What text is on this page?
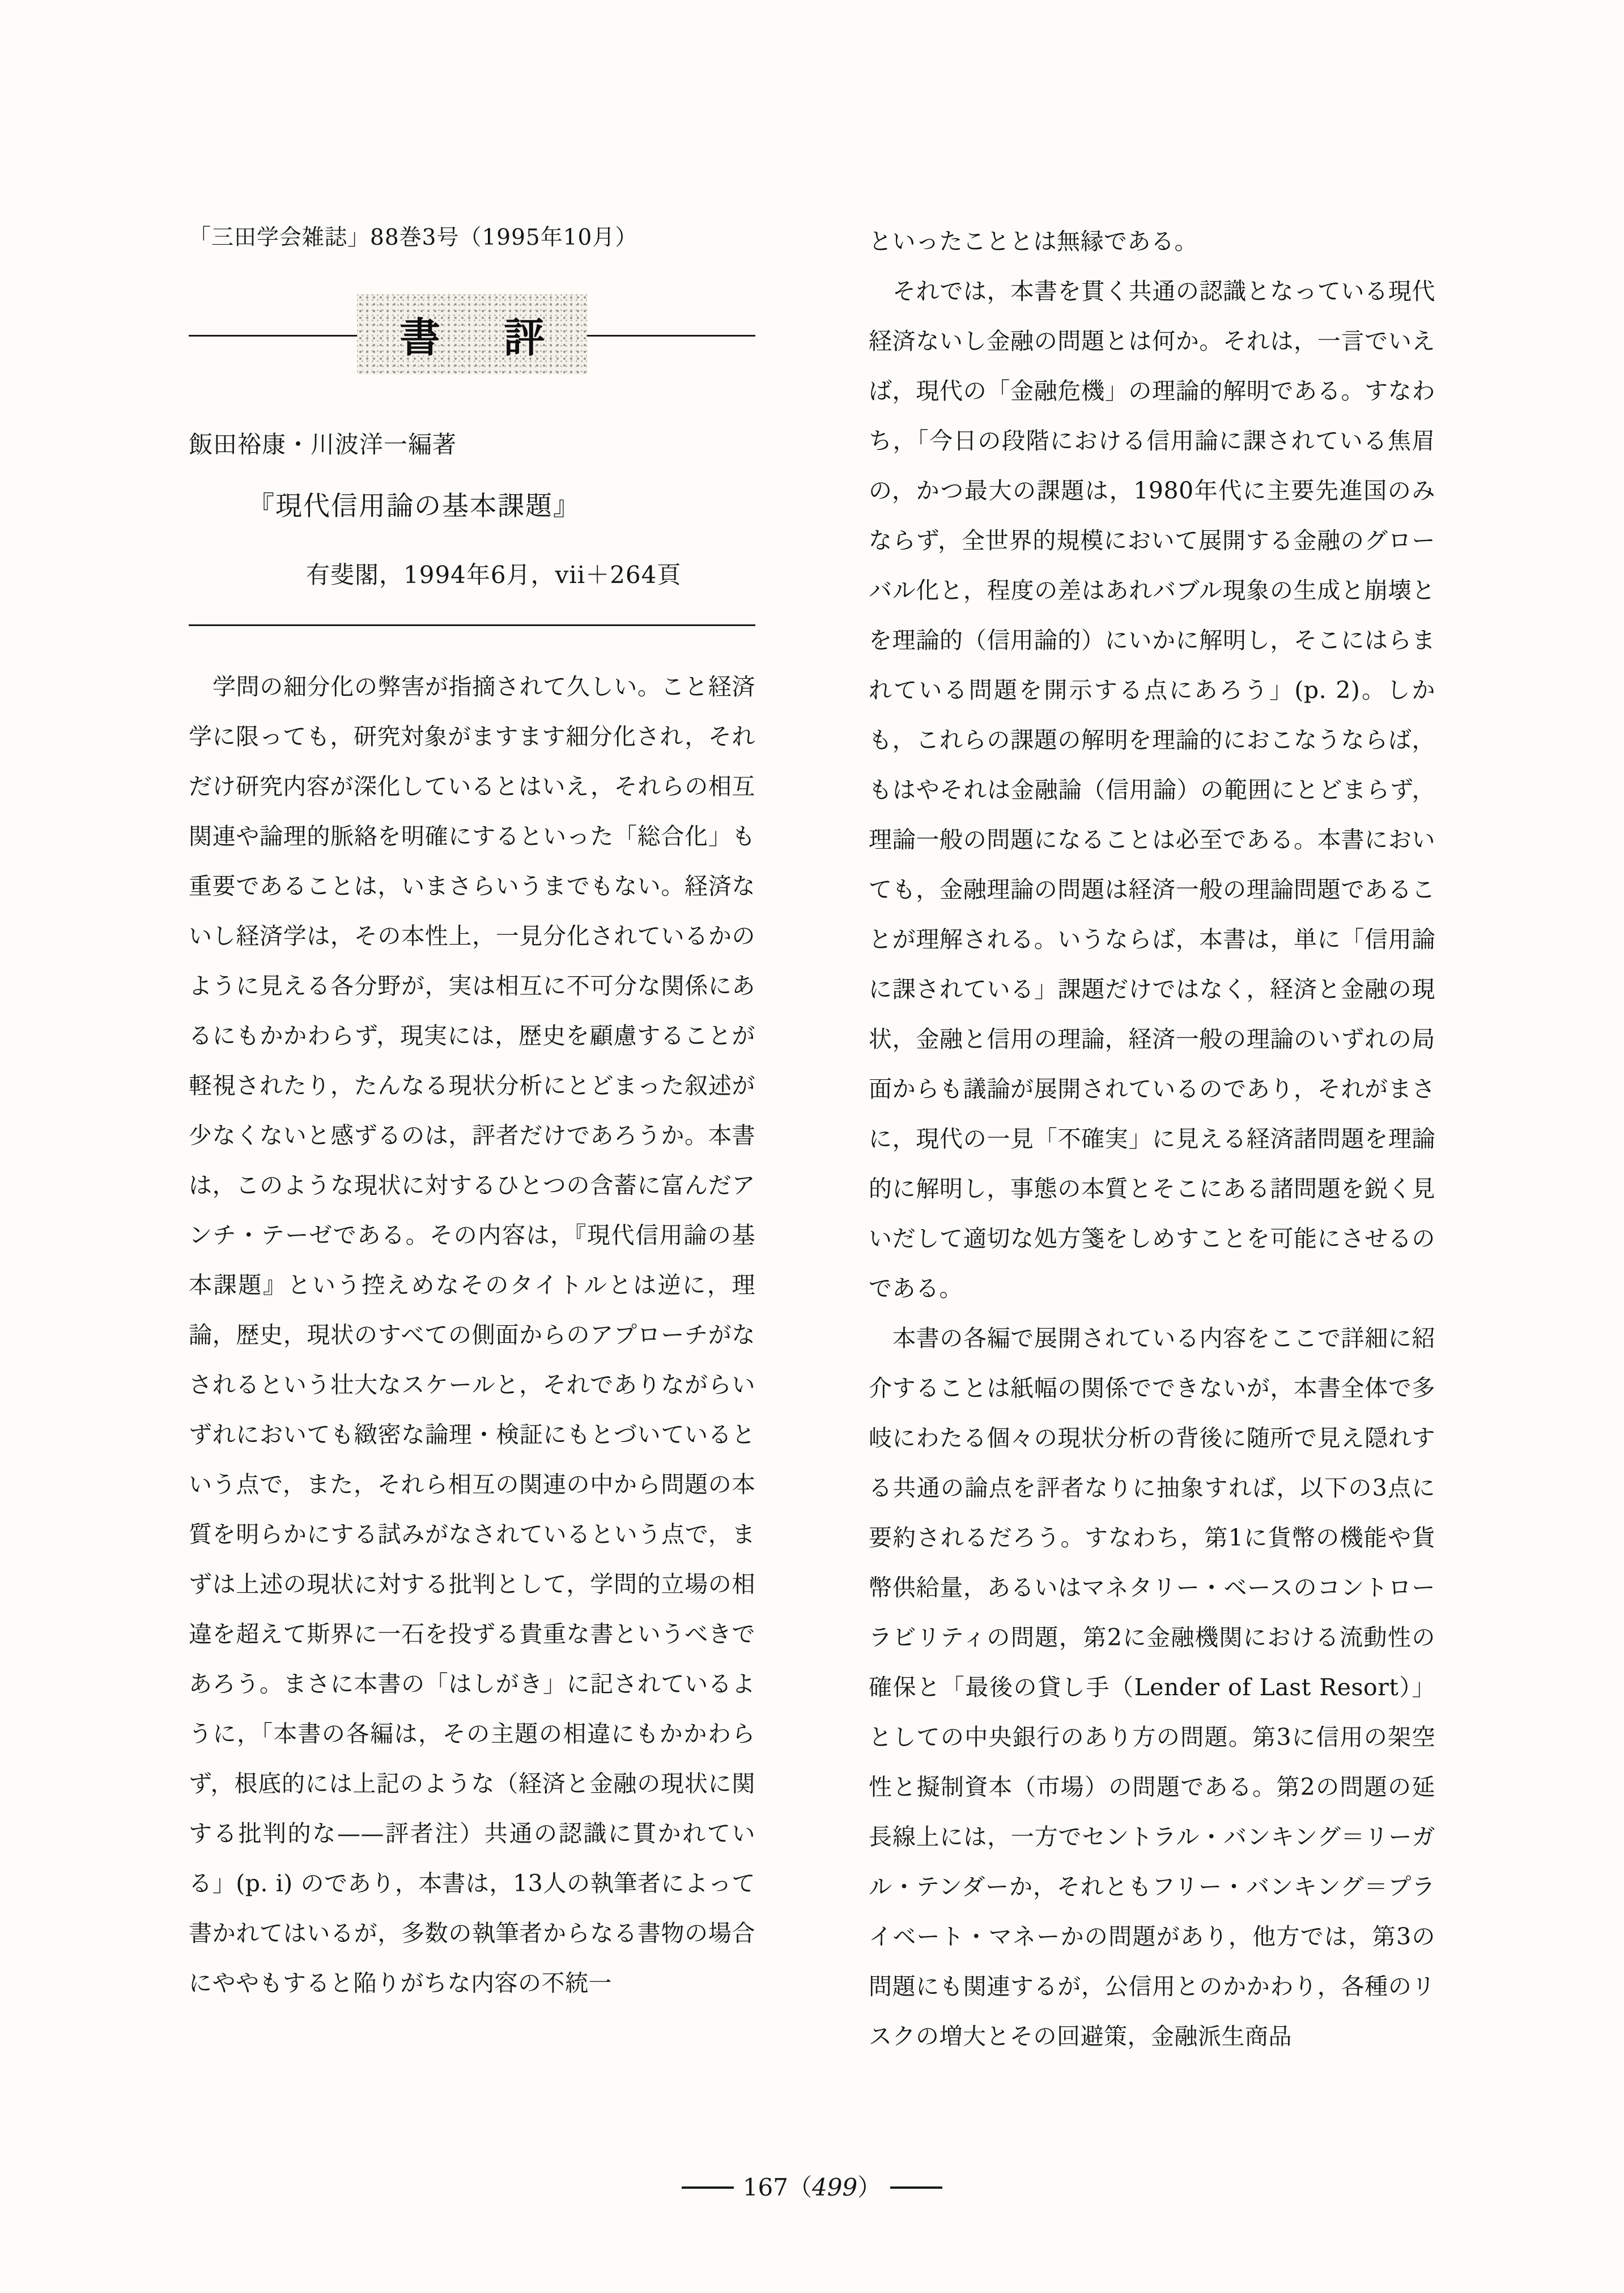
「三田学会雑誌」88巻3号（1995年10月）
書 評
飯田裕康・川波洋一編著
『現代信用論の基本課題』
有斐閣，1994年6月，vii＋264頁

学問の細分化の弊害が指摘されて久しい。こと経済学に限っても，研究対象がますます細分化され，それだけ研究内容が深化しているとはいえ，それらの相互関連や論理的脈絡を明確にするといった「総合化」も重要であることは，いまさらいうまでもない。経済ないし経済学は，その本性上，一見分化されているかのように見える各分野が，実は相互に不可分な関係にあるにもかかわらず，現実には，歴史を顧慮することが軽視されたり，たんなる現状分析にとどまった叙述が少なくないと感ずるのは，評者だけであろうか。本書は，このような現状に対するひとつの含蓄に富んだアンチ・テーゼである。その内容は，『現代信用論の基本課題』という控えめなそのタイトルとは逆に，理論，歴史，現状のすべての側面からのアプローチがなされるという壮大なスケールと，それでありながらいずれにおいても緻密な論理・検証にもとづいているという点で，また，それら相互の関連の中から問題の本質を明らかにする試みがなされているという点で，まずは上述の現状に対する批判として，学問的立場の相違を超えて斯界に一石を投ずる貴重な書というべきであろう。まさに本書の「はしがき」に記されているように，「本書の各編は，その主題の相違にもかかわらず，根底的には上記のような（経済と金融の現状に関する批判的な——評者注）共通の認識に貫かれている」(p. i) のであり，本書は，13人の執筆者によって書かれてはいるが，多数の執筆者からなる書物の場合にややもすると陥りがちな内容の不統一

といったこととは無縁である。

それでは，本書を貫く共通の認識となっている現代経済ないし金融の問題とは何か。それは，一言でいえば，現代の「金融危機」の理論的解明である。すなわち，「今日の段階における信用論に課されている焦眉の，かつ最大の課題は，1980年代に主要先進国のみならず，全世界的規模において展開する金融のグローバル化と，程度の差はあれバブル現象の生成と崩壊とを理論的（信用論的）にいかに解明し，そこにはらまれている問題を開示する点にあろう」(p. 2)。しかも，これらの課題の解明を理論的におこなうならば，もはやそれは金融論（信用論）の範囲にとどまらず，理論一般の問題になることは必至である。本書においても，金融理論の問題は経済一般の理論問題であることが理解される。いうならば，本書は，単に「信用論に課されている」課題だけではなく，経済と金融の現状，金融と信用の理論，経済一般の理論のいずれの局面からも議論が展開されているのであり，それがまさに，現代の一見「不確実」に見える経済諸問題を理論的に解明し，事態の本質とそこにある諸問題を鋭く見いだして適切な処方箋をしめすことを可能にさせるのである。

本書の各編で展開されている内容をここで詳細に紹介することは紙幅の関係でできないが，本書全体で多岐にわたる個々の現状分析の背後に随所で見え隠れする共通の論点を評者なりに抽象すれば，以下の3点に要約されるだろう。すなわち，第1に貨幣の機能や貨幣供給量，あるいはマネタリー・ベースのコントローラビリティの問題，第2に金融機関における流動性の確保と「最後の貸し手（Lender of Last Resort）」としての中央銀行のあり方の問題。第3に信用の架空性と擬制資本（市場）の問題である。第2の問題の延長線上には，一方でセントラル・バンキング＝リーガル・テンダーか，それともフリー・バンキング＝プライベート・マネーかの問題があり，他方では，第3の問題にも関連するが，公信用とのかかわり，各種のリスクの増大とその回避策，金融派生商品

167（499）
